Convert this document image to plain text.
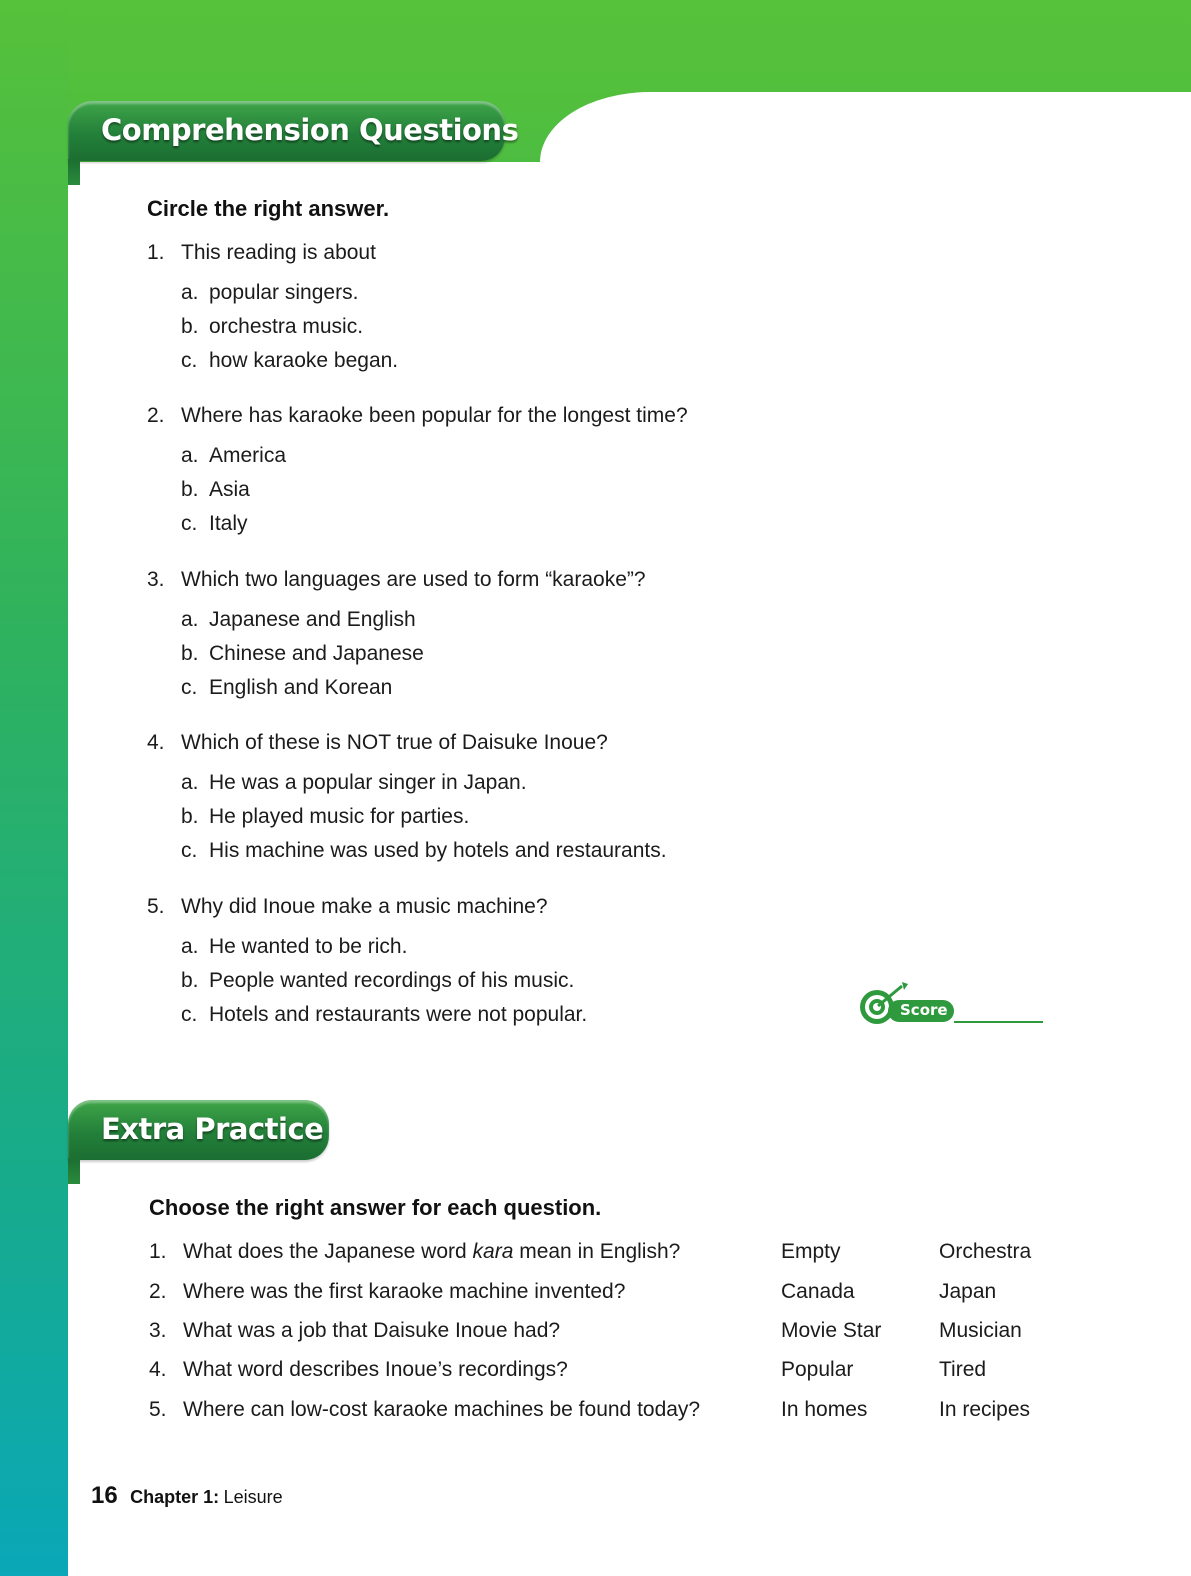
Comprehension Questions
Circle the right answer.
1. This reading is about
a. popular singers.
b. orchestra music.
c. how karaoke began.
2. Where has karaoke been popular for the longest time?
a. America
b. Asia
c. Italy
3. Which two languages are used to form “karaoke”?
a. Japanese and English
b. Chinese and Japanese
c. English and Korean
4. Which of these is NOT true of Daisuke Inoue?
a. He was a popular singer in Japan.
b. He played music for parties.
c. His machine was used by hotels and restaurants.
5. Why did Inoue make a music machine?
a. He wanted to be rich.
b. People wanted recordings of his music.
c. Hotels and restaurants were not popular.	Score
Extra Practice
Choose the right answer for each question.
1. What does the Japanese word kara mean in English?	Empty	Orchestra
2. Where was the first karaoke machine invented?	Canada	Japan
3. What was a job that Daisuke Inoue had?	Movie Star	Musician
4. What word describes Inoue’s recordings?	Popular	Tired
5. Where can low-cost karaoke machines be found today?	In homes	In recipes
16 Chapter 1: Leisure
